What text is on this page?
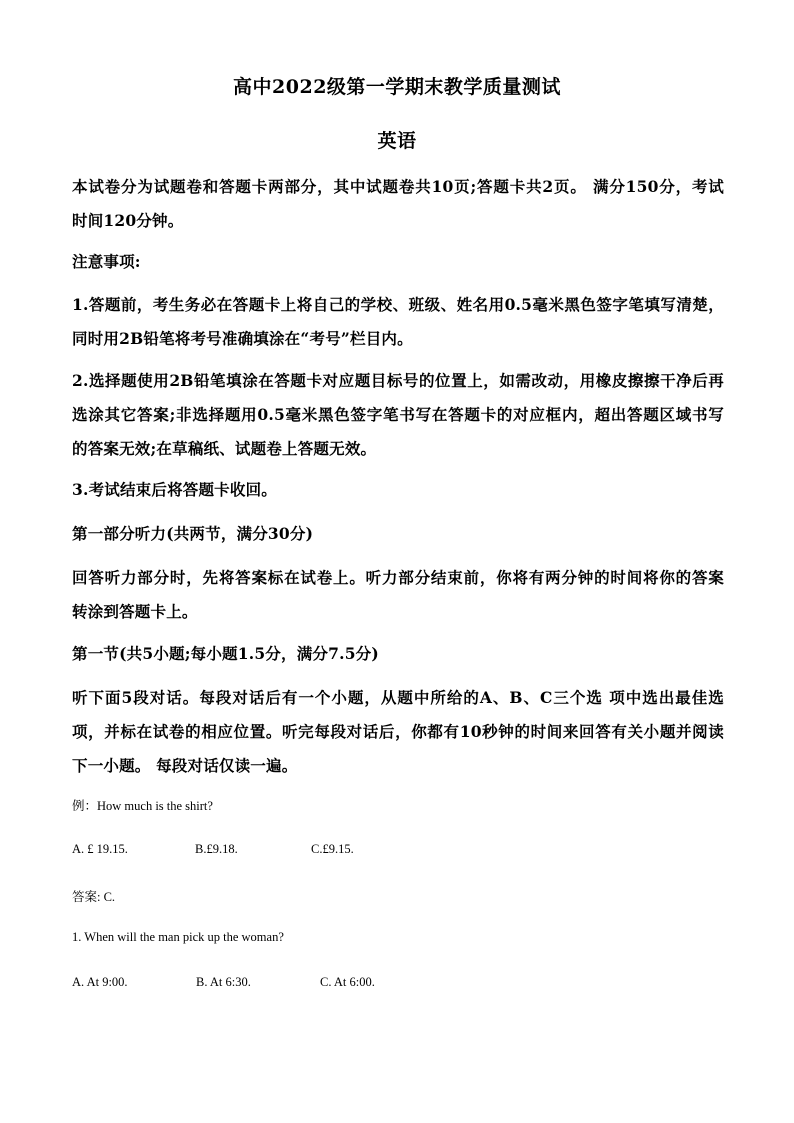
高中2022级第一学期末教学质量测试
英语
本试卷分为试题卷和答题卡两部分，其中试题卷共10页;答题卡共2页。 满分150分，考试
时间120分钟。
注意事项:
1.答题前，考生务必在答题卡上将自己的学校、班级、姓名用0.5毫米黑色签字笔填写清楚，
同时用2B铅笔将考号准确填涂在“考号”栏目内。
2.选择题使用2B铅笔填涂在答题卡对应题目标号的位置上，如需改动，用橡皮擦擦干净后再
选涂其它答案;非选择题用0.5毫米黑色签字笔书写在答题卡的对应框内，超出答题区域书写
的答案无效;在草稿纸、试题卷上答题无效。
3.考试结束后将答题卡收回。
第一部分听力(共两节，满分30分)
回答听力部分时，先将答案标在试卷上。听力部分结束前，你将有两分钟的时间将你的答案
转涂到答题卡上。
第一节(共5小题;每小题1.5分，满分7.5分)
听下面5段对话。每段对话后有一个小题，从题中所给的A、B、C三个选 项中选出最佳选
项，并标在试卷的相应位置。听完每段对话后，你都有10秒钟的时间来回答有关小题并阅读
下一小题。 每段对话仅读一遍。
例：How much is the shirt?
A. £ 19.15.	B.£9.18.	C.£9.15.
答案: C.
1. When will the man pick up the woman?
A. At 9:00.	B. At 6:30.	C. At 6:00.
